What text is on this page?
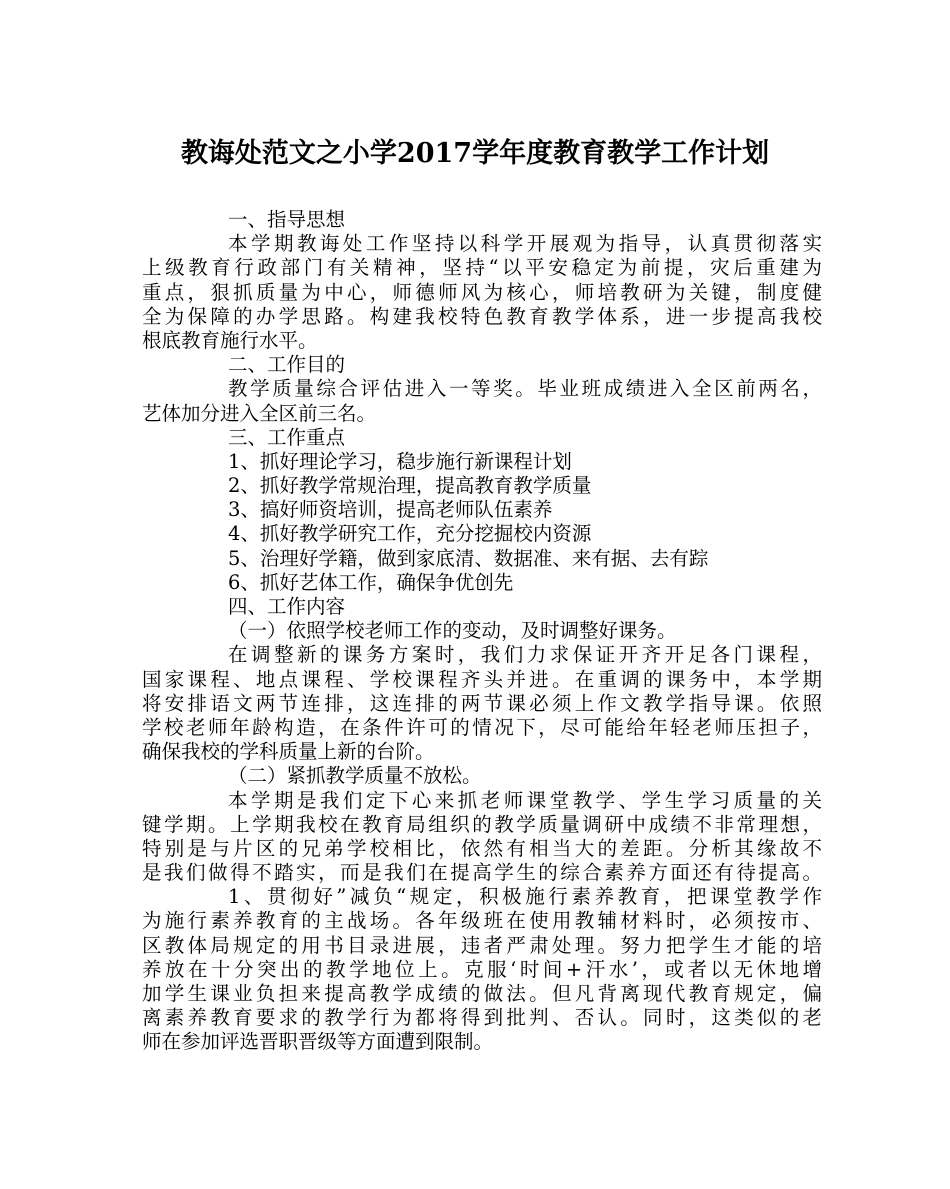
教诲处范文之小学2017学年度教育教学工作计划
一、指导思想
本学期教诲处工作坚持以科学开展观为指导，认真贯彻落实
上级教育行政部门有关精神，坚持“以平安稳定为前提，灾后重建为
重点，狠抓质量为中心，师德师风为核心，师培教研为关键，制度健
全为保障的办学思路。构建我校特色教育教学体系，进一步提高我校
根底教育施行水平。
二、工作目的
教学质量综合评估进入一等奖。毕业班成绩进入全区前两名，
艺体加分进入全区前三名。
三、工作重点
1、抓好理论学习，稳步施行新课程计划
2、抓好教学常规治理，提高教育教学质量
3、搞好师资培训，提高老师队伍素养
4、抓好教学研究工作，充分挖掘校内资源
5、治理好学籍，做到家底清、数据准、来有据、去有踪
6、抓好艺体工作，确保争优创先
四、工作内容
（一）依照学校老师工作的变动，及时调整好课务。
在调整新的课务方案时，我们力求保证开齐开足各门课程，
国家课程、地点课程、学校课程齐头并进。在重调的课务中，本学期
将安排语文两节连排，这连排的两节课必须上作文教学指导课。依照
学校老师年龄构造，在条件许可的情况下，尽可能给年轻老师压担子，
确保我校的学科质量上新的台阶。
（二）紧抓教学质量不放松。
本学期是我们定下心来抓老师课堂教学、学生学习质量的关
键学期。上学期我校在教育局组织的教学质量调研中成绩不非常理想，
特别是与片区的兄弟学校相比，依然有相当大的差距。分析其缘故不
是我们做得不踏实，而是我们在提高学生的综合素养方面还有待提高。
1、贯彻好”减负“规定，积极施行素养教育，把课堂教学作
为施行素养教育的主战场。各年级班在使用教辅材料时，必须按市、
区教体局规定的用书目录进展，违者严肃处理。努力把学生才能的培
养放在十分突出的教学地位上。克服‘时间+汗水’，或者以无休地增
加学生课业负担来提高教学成绩的做法。但凡背离现代教育规定，偏
离素养教育要求的教学行为都将得到批判、否认。同时，这类似的老
师在参加评选晋职晋级等方面遭到限制。
